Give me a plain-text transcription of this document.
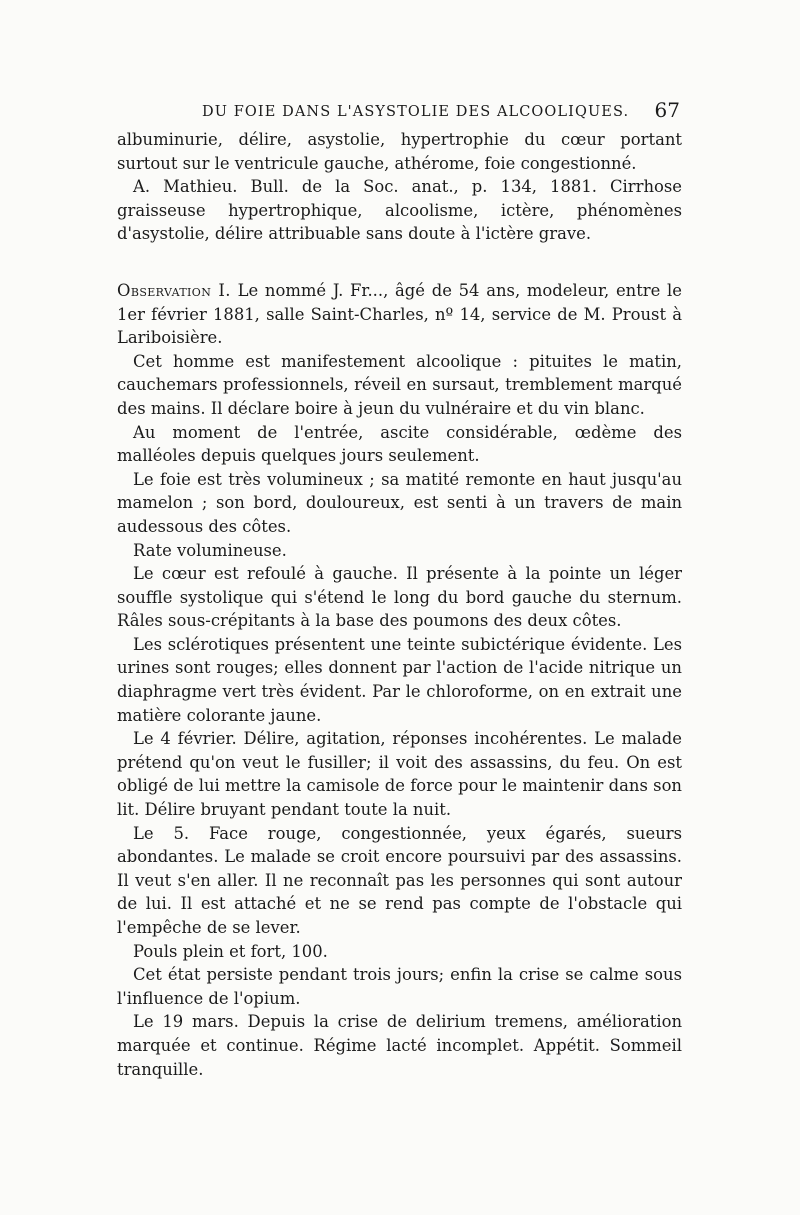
DU FOIE DANS L'ASYSTOLIE DES ALCOOLIQUES. 67

albuminurie, délire, asystolie, hypertrophie du cœur portant surtout sur le ventricule gauche, athérome, foie congestionné.

A. Mathieu. Bull. de la Soc. anat., p. 134, 1881. Cirrhose graisseuse hypertrophique, alcoolisme, ictère, phénomènes d'asystolie, délire attribuable sans doute à l'ictère grave.

Observation I. Le nommé J. Fr..., âgé de 54 ans, modeleur, entre le 1er février 1881, salle Saint-Charles, nº 14, service de M. Proust à Lariboisière.

Cet homme est manifestement alcoolique : pituites le matin, cauchemars professionnels, réveil en sursaut, tremblement marqué des mains. Il déclare boire à jeun du vulnéraire et du vin blanc.

Au moment de l'entrée, ascite considérable, œdème des malléoles depuis quelques jours seulement.

Le foie est très volumineux ; sa matité remonte en haut jusqu'au mamelon ; son bord, douloureux, est senti à un travers de main audessous des côtes.

Rate volumineuse.

Le cœur est refoulé à gauche. Il présente à la pointe un léger souffle systolique qui s'étend le long du bord gauche du sternum. Râles sous-crépitants à la base des poumons des deux côtes.

Les sclérotiques présentent une teinte subictérique évidente. Les urines sont rouges; elles donnent par l'action de l'acide nitrique un diaphragme vert très évident. Par le chloroforme, on en extrait une matière colorante jaune.

Le 4 février. Délire, agitation, réponses incohérentes. Le malade prétend qu'on veut le fusiller; il voit des assassins, du feu. On est obligé de lui mettre la camisole de force pour le maintenir dans son lit. Délire bruyant pendant toute la nuit.

Le 5. Face rouge, congestionnée, yeux égarés, sueurs abondantes. Le malade se croit encore poursuivi par des assassins. Il veut s'en aller. Il ne reconnaît pas les personnes qui sont autour de lui. Il est attaché et ne se rend pas compte de l'obstacle qui l'empêche de se lever.

Pouls plein et fort, 100.

Cet état persiste pendant trois jours; enfin la crise se calme sous l'influence de l'opium.

Le 19 mars. Depuis la crise de delirium tremens, amélioration marquée et continue. Régime lacté incomplet. Appétit. Sommeil tranquille.
